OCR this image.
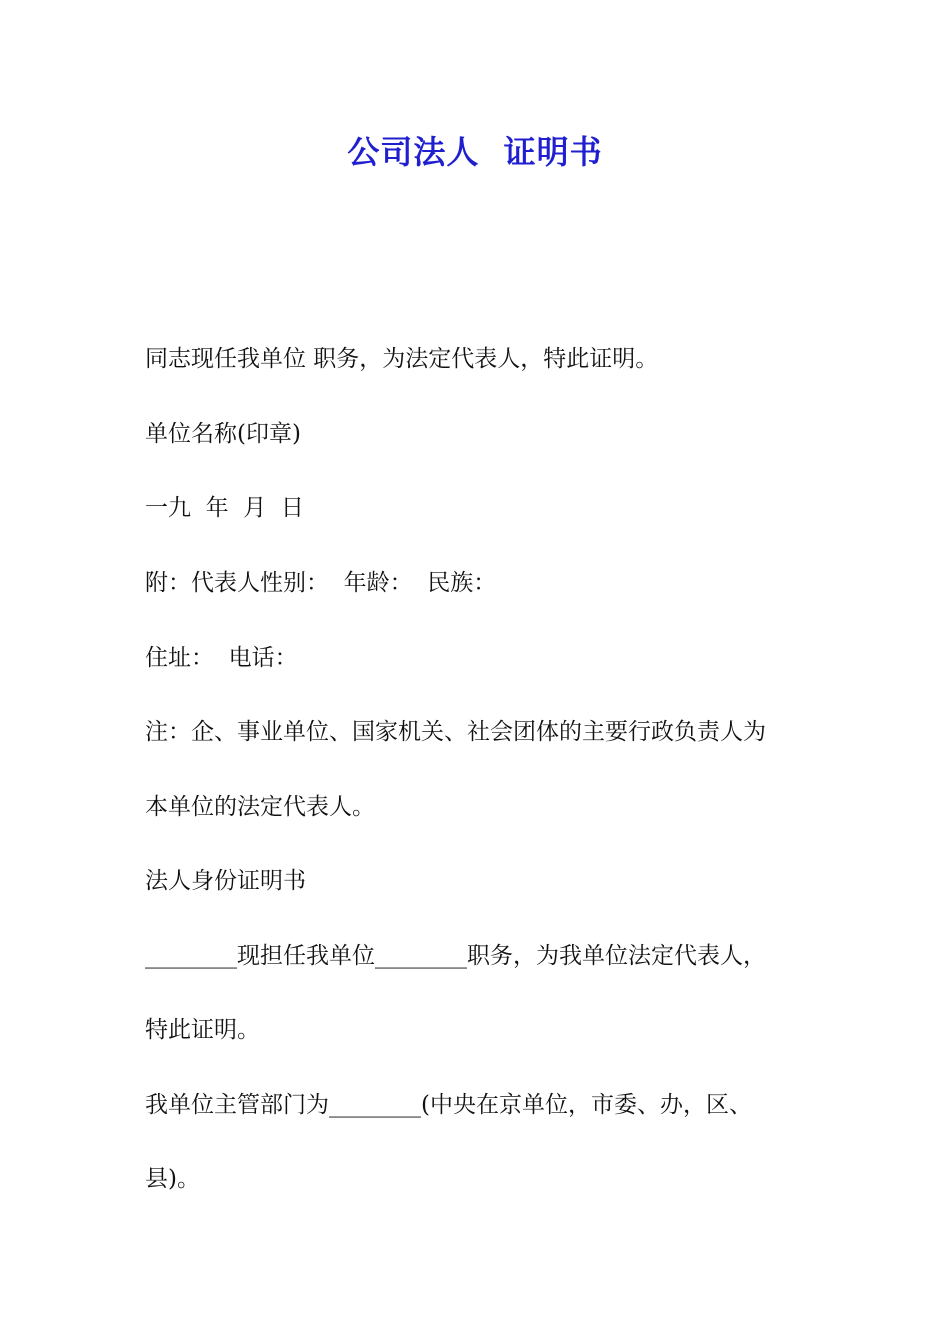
公司法人  证明书
同志现任我单位 职务，为法定代表人，特此证明。
单位名称(印章)
一九  年  月  日
附：代表人性别：  年龄：  民族：
住址：  电话：
注：企、事业单位、国家机关、社会团体的主要行政负责人为
本单位的法定代表人。
法人身份证明书
________现担任我单位________职务，为我单位法定代表人，
特此证明。
我单位主管部门为________(中央在京单位，市委、办，区、
县)。
